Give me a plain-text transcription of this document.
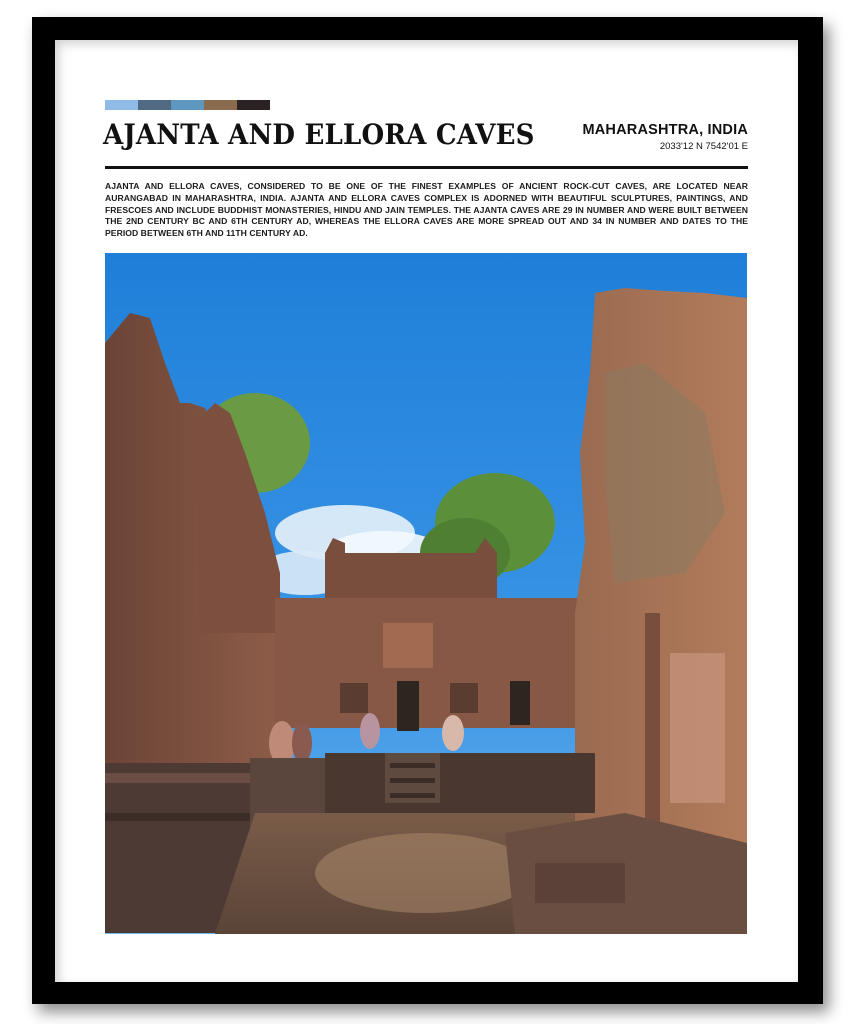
AJANTA AND ELLORA CAVES	MAHARASHTRA, INDIA
2033'12 N 7542'01 E
AJANTA AND ELLORA CAVES, CONSIDERED TO BE ONE OF THE FINEST EXAMPLES OF ANCIENT ROCK-CUT CAVES, ARE LOCATED NEAR AURANGABAD IN MAHARASHTRA, INDIA. AJANTA AND ELLORA CAVES COMPLEX IS ADORNED WITH BEAUTIFUL SCULPTURES, PAINTINGS, AND FRESCOES AND INCLUDE BUDDHIST MONASTERIES, HINDU AND JAIN TEMPLES. THE AJANTA CAVES ARE 29 IN NUMBER AND WERE BUILT BETWEEN THE 2ND CENTURY BC AND 6TH CENTURY AD, WHEREAS THE ELLORA CAVES ARE MORE SPREAD OUT AND 34 IN NUMBER AND DATES TO THE PERIOD BETWEEN 6TH AND 11TH CENTURY AD.
